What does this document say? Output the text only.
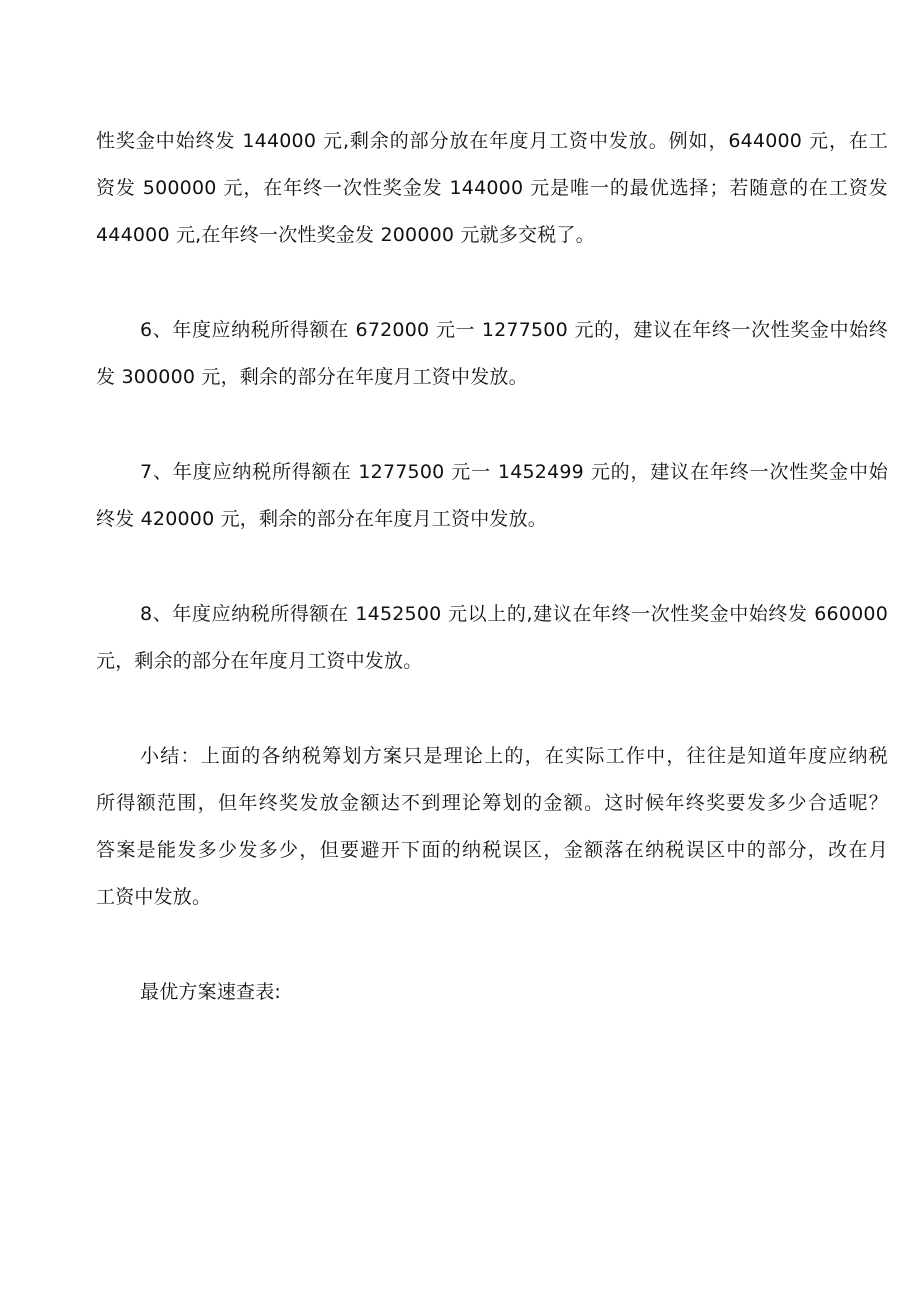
性奖金中始终发 144000 元,剩余的部分放在年度月工资中发放。例如，644000 元，在工
资发 500000 元，在年终一次性奖金发 144000 元是唯一的最优选择；若随意的在工资发
444000 元,在年终一次性奖金发 200000 元就多交税了。

6、年度应纳税所得额在 672000 元一 1277500 元的，建议在年终一次性奖金中始终
发 300000 元，剩余的部分在年度月工资中发放。

7、年度应纳税所得额在 1277500 元一 1452499 元的，建议在年终一次性奖金中始
终发 420000 元，剩余的部分在年度月工资中发放。

8、年度应纳税所得额在 1452500 元以上的,建议在年终一次性奖金中始终发 660000
元，剩余的部分在年度月工资中发放。

小结：上面的各纳税筹划方案只是理论上的，在实际工作中，往往是知道年度应纳税
所得额范围，但年终奖发放金额达不到理论筹划的金额。这时候年终奖要发多少合适呢？
答案是能发多少发多少，但要避开下面的纳税误区，金额落在纳税误区中的部分，改在月
工资中发放。

最优方案速查表:
